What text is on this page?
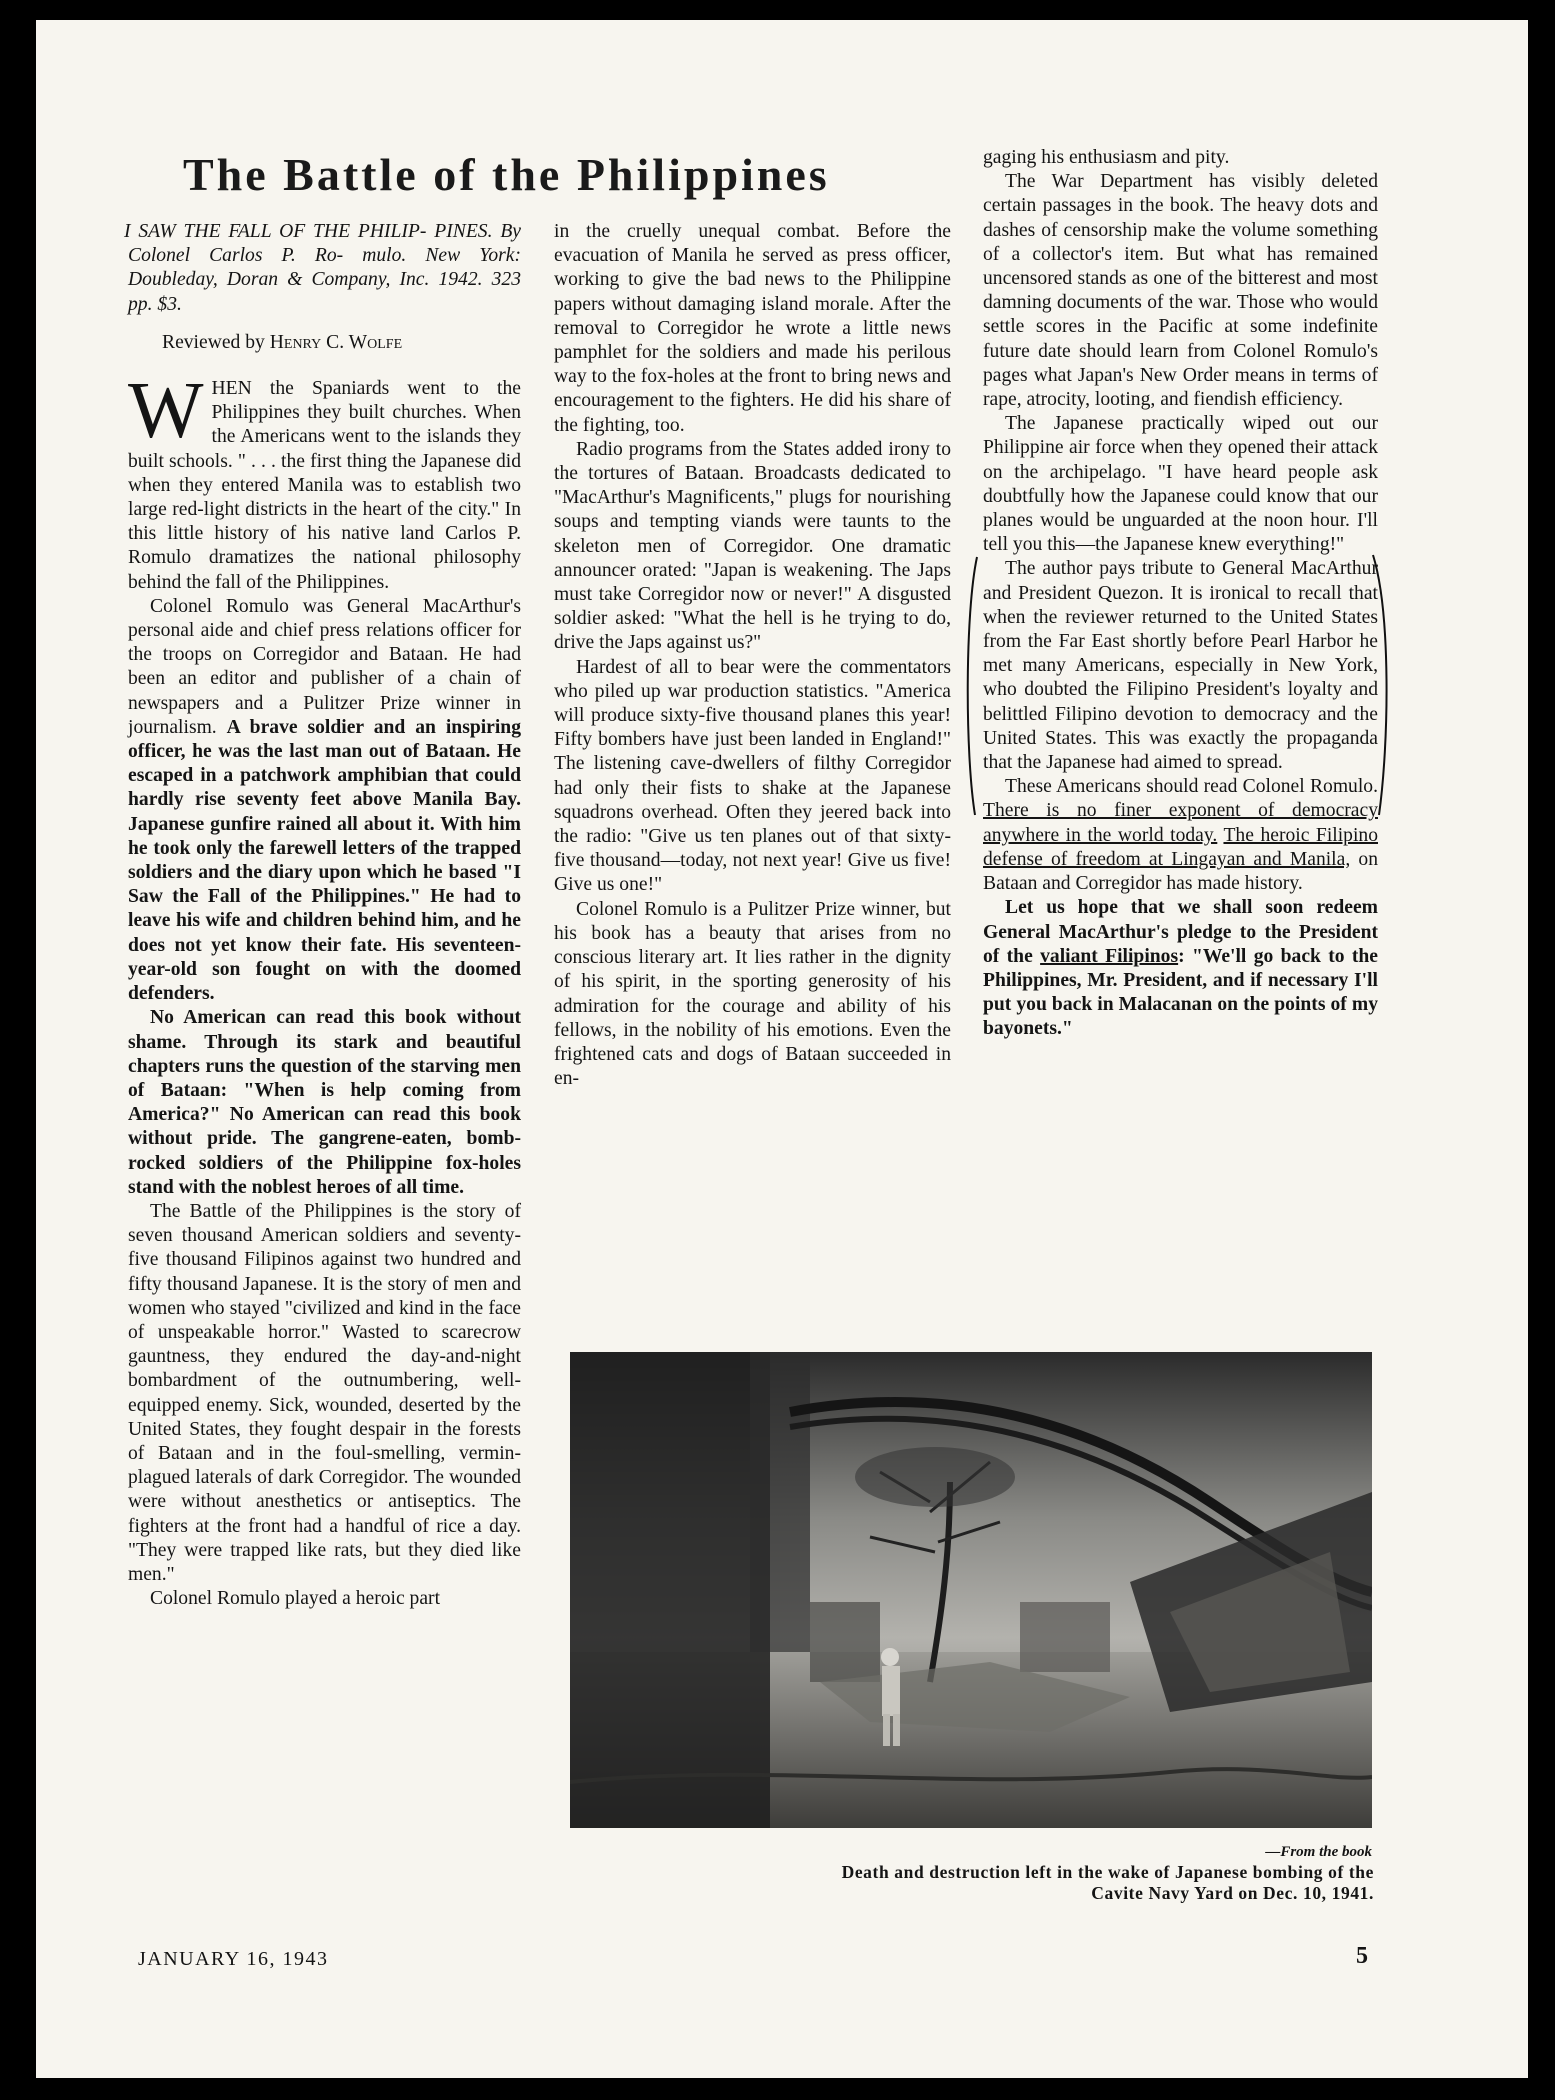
The Battle of the Philippines

I SAW THE FALL OF THE PHILIP- PINES. By Colonel Carlos P. Ro- mulo. New York: Doubleday, Doran & Company, Inc. 1942. 323 pp. $3.

Reviewed by Henry C. Wolfe

WHEN the Spaniards went to the Philippines they built churches. When the Americans went to the islands they built schools. " . . . the first thing the Japanese did when they entered Manila was to establish two large red-light districts in the heart of the city." In this little history of his native land Carlos P. Romulo dramatizes the national philosophy behind the fall of the Philippines.

Colonel Romulo was General MacArthur's personal aide and chief press relations officer for the troops on Corregidor and Bataan. He had been an editor and publisher of a chain of newspapers and a Pulitzer Prize winner in journalism. A brave soldier and an inspiring officer, he was the last man out of Bataan. He escaped in a patchwork amphibian that could hardly rise seventy feet above Manila Bay. Japanese gunfire rained all about it. With him he took only the farewell letters of the trapped soldiers and the diary upon which he based "I Saw the Fall of the Philippines." He had to leave his wife and children behind him, and he does not yet know their fate. His seventeen-year-old son fought on with the doomed defenders.

No American can read this book without shame. Through its stark and beautiful chapters runs the question of the starving men of Bataan: "When is help coming from America?" No American can read this book without pride. The gangrene-eaten, bomb-rocked soldiers of the Philippine fox-holes stand with the noblest heroes of all time.

The Battle of the Philippines is the story of seven thousand American soldiers and seventy-five thousand Filipinos against two hundred and fifty thousand Japanese. It is the story of men and women who stayed "civilized and kind in the face of unspeakable horror." Wasted to scarecrow gauntness, they endured the day-and-night bombardment of the outnumbering, well-equipped enemy. Sick, wounded, deserted by the United States, they fought despair in the forests of Bataan and in the foul-smelling, vermin-plagued laterals of dark Corregidor. The wounded were without anesthetics or antiseptics. The fighters at the front had a handful of rice a day. "They were trapped like rats, but they died like men."

Colonel Romulo played a heroic part

in the cruelly unequal combat. Before the evacuation of Manila he served as press officer, working to give the bad news to the Philippine papers without damaging island morale. After the removal to Corregidor he wrote a little news pamphlet for the soldiers and made his perilous way to the fox-holes at the front to bring news and encouragement to the fighters. He did his share of the fighting, too.

Radio programs from the States added irony to the tortures of Bataan. Broadcasts dedicated to "MacArthur's Magnificents," plugs for nourishing soups and tempting viands were taunts to the skeleton men of Corregidor. One dramatic announcer orated: "Japan is weakening. The Japs must take Corregidor now or never!" A disgusted soldier asked: "What the hell is he trying to do, drive the Japs against us?"

Hardest of all to bear were the commentators who piled up war production statistics. "America will produce sixty-five thousand planes this year! Fifty bombers have just been landed in England!" The listening cave-dwellers of filthy Corregidor had only their fists to shake at the Japanese squadrons overhead. Often they jeered back into the radio: "Give us ten planes out of that sixty-five thousand—today, not next year! Give us five! Give us one!"

Colonel Romulo is a Pulitzer Prize winner, but his book has a beauty that arises from no conscious literary art. It lies rather in the dignity of his spirit, in the sporting generosity of his admiration for the courage and ability of his fellows, in the nobility of his emotions. Even the frightened cats and dogs of Bataan succeeded in en-

gaging his enthusiasm and pity.

The War Department has visibly deleted certain passages in the book. The heavy dots and dashes of censorship make the volume something of a collector's item. But what has remained uncensored stands as one of the bitterest and most damning documents of the war. Those who would settle scores in the Pacific at some indefinite future date should learn from Colonel Romulo's pages what Japan's New Order means in terms of rape, atrocity, looting, and fiendish efficiency.

The Japanese practically wiped out our Philippine air force when they opened their attack on the archipelago. "I have heard people ask doubtfully how the Japanese could know that our planes would be unguarded at the noon hour. I'll tell you this—the Japanese knew everything!"

The author pays tribute to General MacArthur and President Quezon. It is ironical to recall that when the reviewer returned to the United States from the Far East shortly before Pearl Harbor he met many Americans, especially in New York, who doubted the Filipino President's loyalty and belittled Filipino devotion to democracy and the United States. This was exactly the propaganda that the Japanese had aimed to spread.

These Americans should read Colonel Romulo. There is no finer exponent of democracy anywhere in the world today. The heroic Filipino defense of freedom at Lingayan and Manila, on Bataan and Corregidor has made history.

Let us hope that we shall soon redeem General MacArthur's pledge to the President of the valiant Filipinos: "We'll go back to the Philippines, Mr. President, and if necessary I'll put you back in Malacanan on the points of my bayonets."

—From the book

Death and destruction left in the wake of Japanese bombing of the Cavite Navy Yard on Dec. 10, 1941.

JANUARY 16, 1943	5
